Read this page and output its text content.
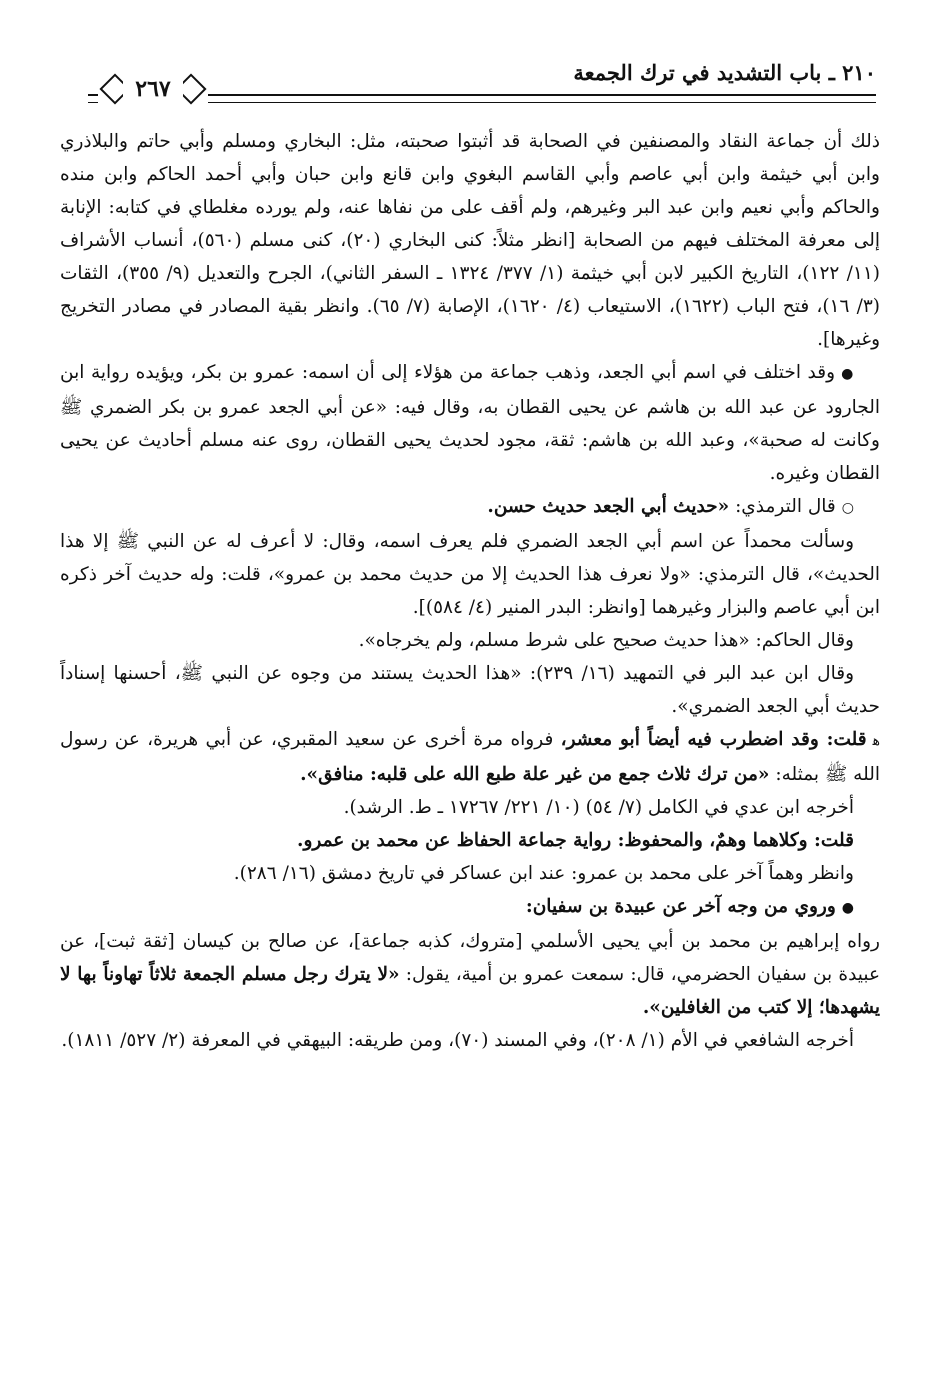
٢١٠ ـ باب التشديد في ترك الجمعة
٢٦٧

ذلك أن جماعة النقاد والمصنفين في الصحابة قد أثبتوا صحبته، مثل: البخاري ومسلم وأبي حاتم والبلاذري وابن أبي خيثمة وابن أبي عاصم وأبي القاسم البغوي وابن قانع وابن حبان وأبي أحمد الحاكم وابن منده والحاكم وأبي نعيم وابن عبد البر وغيرهم، ولم أقف على من نفاها عنه، ولم يورده مغلطاي في كتابه: الإنابة إلى معرفة المختلف فيهم من الصحابة [انظر مثلاً: كنى البخاري (٢٠)، كنى مسلم (٥٦٠)، أنساب الأشراف (١١/ ١٢٢)، التاريخ الكبير لابن أبي خيثمة (١/ ٣٧٧/ ١٣٢٤ ـ السفر الثاني)، الجرح والتعديل (٩/ ٣٥٥)، الثقات (٣/ ١٦)، فتح الباب (١٦٢٢)، الاستيعاب (٤/ ١٦٢٠)، الإصابة (٧/ ٦٥). وانظر بقية المصادر في مصادر التخريج وغيرها].

●وقد اختلف في اسم أبي الجعد، وذهب جماعة من هؤلاء إلى أن اسمه: عمرو بن بكر، ويؤيده رواية ابن الجارود عن عبد الله بن هاشم عن يحيى القطان به، وقال فيه: «عن أبي الجعد عمرو بن بكر الضمري ﷺ وكانت له صحبة»، وعبد الله بن هاشم: ثقة، مجود لحديث يحيى القطان، روى عنه مسلم أحاديث عن يحيى القطان وغيره.

○قال الترمذي: «حديث أبي الجعد حديث حسن.

وسألت محمداً عن اسم أبي الجعد الضمري فلم يعرف اسمه، وقال: لا أعرف له عن النبي ﷺ إلا هذا الحديث»، قال الترمذي: «ولا نعرف هذا الحديث إلا من حديث محمد بن عمرو»، قلت: وله حديث آخر ذكره ابن أبي عاصم والبزار وغيرهما [وانظر: البدر المنير (٤/ ٥٨٤)].

وقال الحاكم: «هذا حديث صحيح على شرط مسلم، ولم يخرجاه».

وقال ابن عبد البر في التمهيد (١٦/ ٢٣٩): «هذا الحديث يستند من وجوه عن النبي ﷺ، أحسنها إسناداً حديث أبي الجعد الضمري».

ﻫقلت: وقد اضطرب فيه أيضاً أبو معشر، فرواه مرة أخرى عن سعيد المقبري، عن أبي هريرة، عن رسول الله ﷺ بمثله: «من ترك ثلاث جمع من غير علة طبع الله على قلبه: منافق».

أخرجه ابن عدي في الكامل (٧/ ٥٤) (١٠/ ٢٢١/ ١٧٢٦٧ ـ ط. الرشد).

قلت: وكلاهما وهمٌ، والمحفوظ: رواية جماعة الحفاظ عن محمد بن عمرو.

وانظر وهماً آخر على محمد بن عمرو: عند ابن عساكر في تاريخ دمشق (١٦/ ٢٨٦).

●وروي من وجه آخر عن عبيدة بن سفيان:

رواه إبراهيم بن محمد بن أبي يحيى الأسلمي [متروك، كذبه جماعة]، عن صالح بن كيسان [ثقة ثبت]، عن عبيدة بن سفيان الحضرمي، قال: سمعت عمرو بن أمية، يقول: «لا يترك رجل مسلم الجمعة ثلاثاً تهاوناً بها لا يشهدها؛ إلا كتب من الغافلين».

أخرجه الشافعي في الأم (١/ ٢٠٨)، وفي المسند (٧٠)، ومن طريقه: البيهقي في المعرفة (٢/ ٥٢٧/ ١٨١١).
